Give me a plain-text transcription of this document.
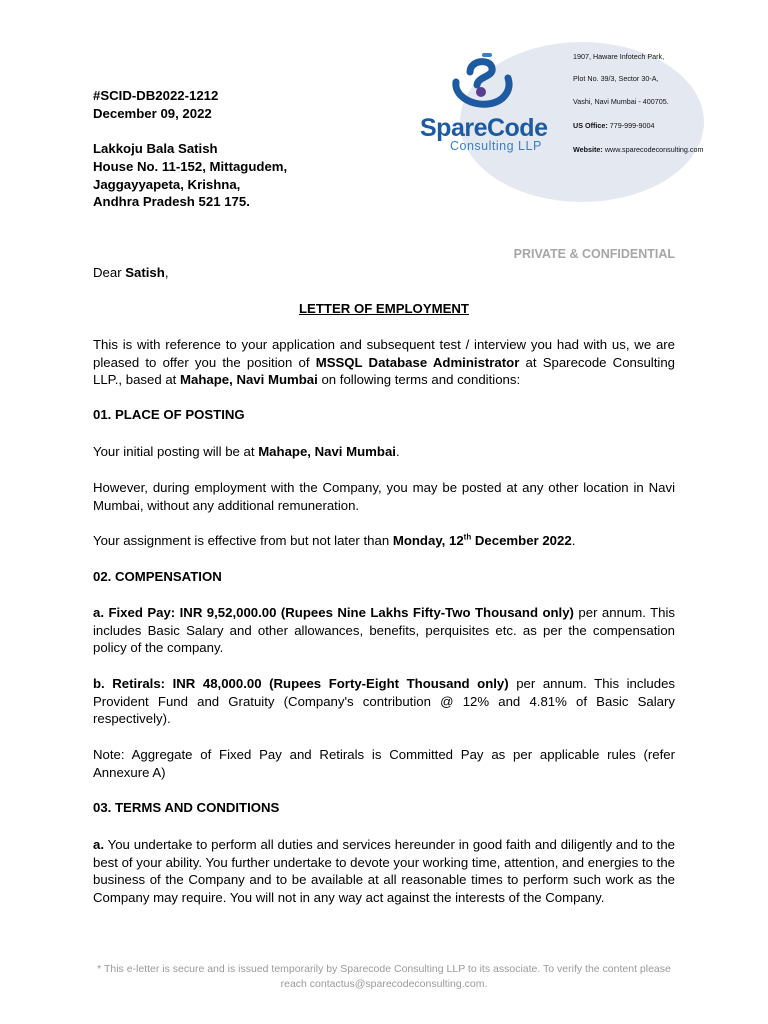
SpareCode
Consulting LLP
1907, Haware Infotech Park,
Plot No. 39/3, Sector 30-A,
Vashi, Navi Mumbai - 400705.
US Office: 779-999-9004
Website: www.sparecodeconsulting.com
#SCID-DB2022-1212
December 09, 2022
Lakkoju Bala Satish
House No. 11-152, Mittagudem,
Jaggayyapeta, Krishna,
Andhra Pradesh 521 175.
PRIVATE & CONFIDENTIAL
Dear Satish,
LETTER OF EMPLOYMENT
This is with reference to your application and subsequent test / interview you had with us, we are pleased to offer you the position of MSSQL Database Administrator at Sparecode Consulting LLP., based at Mahape, Navi Mumbai on following terms and conditions:
01. PLACE OF POSTING
Your initial posting will be at Mahape, Navi Mumbai.
However, during employment with the Company, you may be posted at any other location in Navi Mumbai, without any additional remuneration.
Your assignment is effective from but not later than Monday, 12th December 2022.
02. COMPENSATION
a. Fixed Pay: INR 9,52,000.00 (Rupees Nine Lakhs Fifty-Two Thousand only) per annum. This includes Basic Salary and other allowances, benefits, perquisites etc. as per the compensation policy of the company.
b. Retirals: INR 48,000.00 (Rupees Forty-Eight Thousand only) per annum. This includes Provident Fund and Gratuity (Company's contribution @ 12% and 4.81% of Basic Salary respectively).
Note: Aggregate of Fixed Pay and Retirals is Committed Pay as per applicable rules (refer Annexure A)
03. TERMS AND CONDITIONS
a. You undertake to perform all duties and services hereunder in good faith and diligently and to the best of your ability. You further undertake to devote your working time, attention, and energies to the business of the Company and to be available at all reasonable times to perform such work as the Company may require. You will not in any way act against the interests of the Company.
* This e-letter is secure and is issued temporarily by Sparecode Consulting LLP to its associate. To verify the content please reach contactus@sparecodeconsulting.com.
